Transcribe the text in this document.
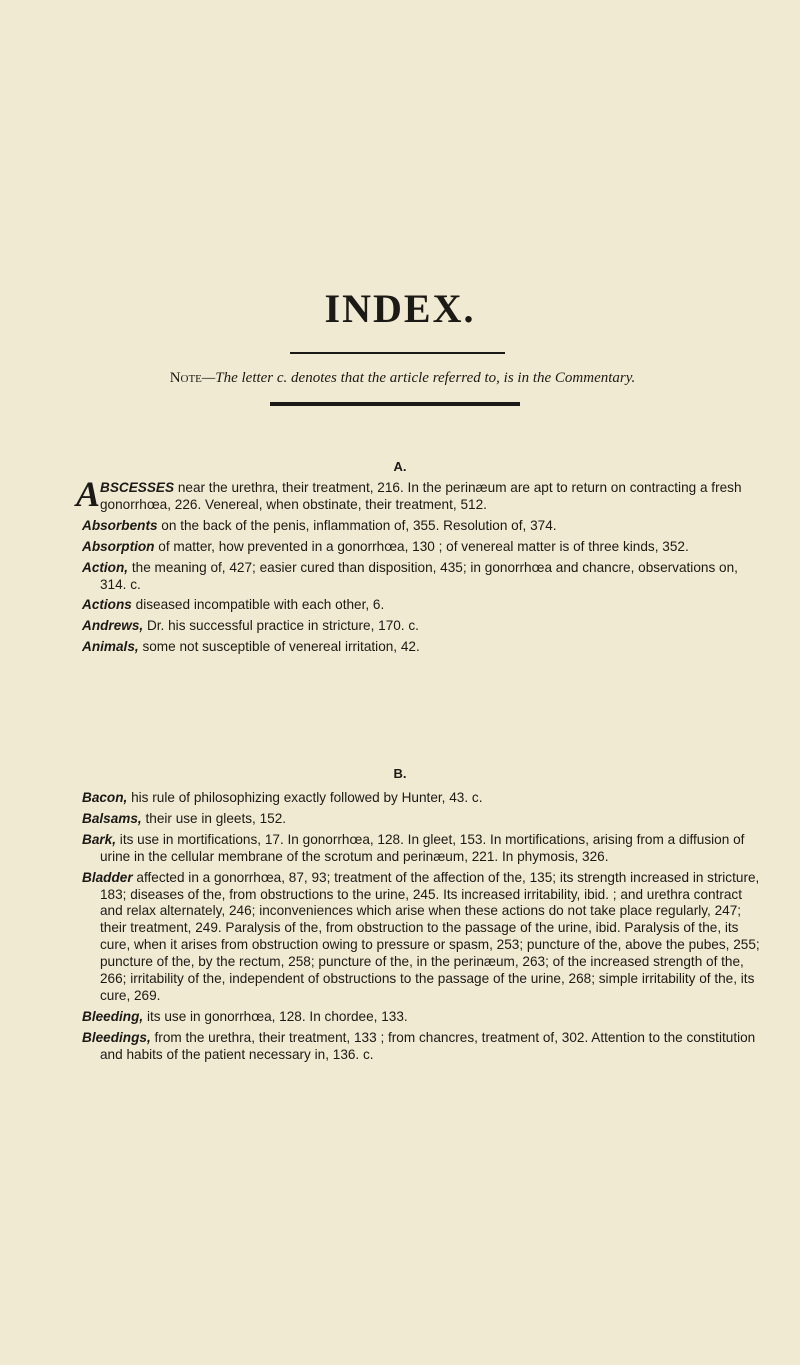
INDEX.
Note—The letter c. denotes that the article referred to, is in the Commentary.
A.
A BSCESSES near the urethra, their treatment, 216. In the perinæum are apt to return on contracting a fresh gonorrhœa, 226. Venereal, when obstinate, their treatment, 512.
Absorbents on the back of the penis, inflammation of, 355. Resolution of, 374.
Absorption of matter, how prevented in a gonorrhœa, 130 ; of venereal matter is of three kinds, 352.
Action, the meaning of, 427; easier cured than disposition, 435; in gonorrhœa and chancre, observations on, 314. c.
Actions diseased incompatible with each other, 6.
Andrews, Dr. his successful practice in stricture, 170. c.
Animals, some not susceptible of venereal irritation, 42.
B.
Bacon, his rule of philosophizing exactly followed by Hunter, 43. c.
Balsams, their use in gleets, 152.
Bark, its use in mortifications, 17. In gonorrhœa, 128. In gleet, 153. In mortifications, arising from a diffusion of urine in the cellular membrane of the scrotum and perinæum, 221. In phymosis, 326.
Bladder affected in a gonorrhœa, 87, 93; treatment of the affection of the, 135; its strength increased in stricture, 183; diseases of the, from obstructions to the urine, 245. Its increased irritability, ibid. ; and urethra contract and relax alternately, 246; inconveniences which arise when these actions do not take place regularly, 247; their treatment, 249. Paralysis of the, from obstruction to the passage of the urine, ibid. Paralysis of the, its cure, when it arises from obstruction owing to pressure or spasm, 253; puncture of the, above the pubes, 255; puncture of the, by the rectum, 258; puncture of the, in the perinæum, 263; of the increased strength of the, 266; irritability of the, independent of obstructions to the passage of the urine, 268; simple irritability of the, its cure, 269.
Bleeding, its use in gonorrhœa, 128. In chordee, 133.
Bleedings, from the urethra, their treatment, 133 ; from chancres, treatment of, 302. Attention to the constitution and habits of the patient necessary in, 136. c.
